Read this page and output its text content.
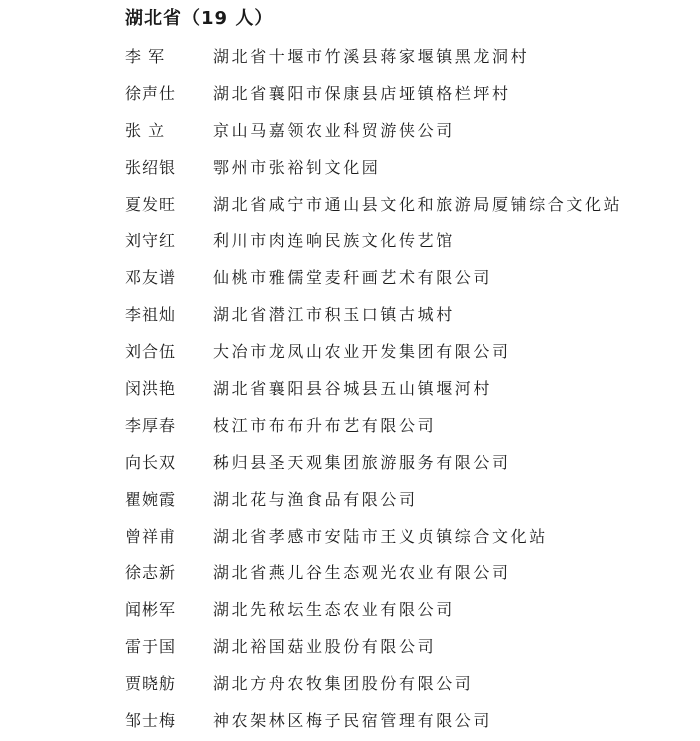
湖北省（19 人）
李 军	湖北省十堰市竹溪县蒋家堰镇黑龙洞村
徐声仕	湖北省襄阳市保康县店垭镇格栏坪村
张 立	京山马嘉领农业科贸游侠公司
张绍银	鄂州市张裕钊文化园
夏发旺	湖北省咸宁市通山县文化和旅游局厦铺综合文化站
刘守红	利川市肉连响民族文化传艺馆
邓友谱	仙桃市雅儒堂麦秆画艺术有限公司
李祖灿	湖北省潜江市积玉口镇古城村
刘合伍	大冶市龙凤山农业开发集团有限公司
闵洪艳	湖北省襄阳县谷城县五山镇堰河村
李厚春	枝江市布布升布艺有限公司
向长双	秭归县圣天观集团旅游服务有限公司
瞿婉霞	湖北花与渔食品有限公司
曾祥甫	湖北省孝感市安陆市王义贞镇综合文化站
徐志新	湖北省燕儿谷生态观光农业有限公司
闻彬军	湖北先秾坛生态农业有限公司
雷于国	湖北裕国菇业股份有限公司
贾晓舫	湖北方舟农牧集团股份有限公司
邹士梅	神农架林区梅子民宿管理有限公司
